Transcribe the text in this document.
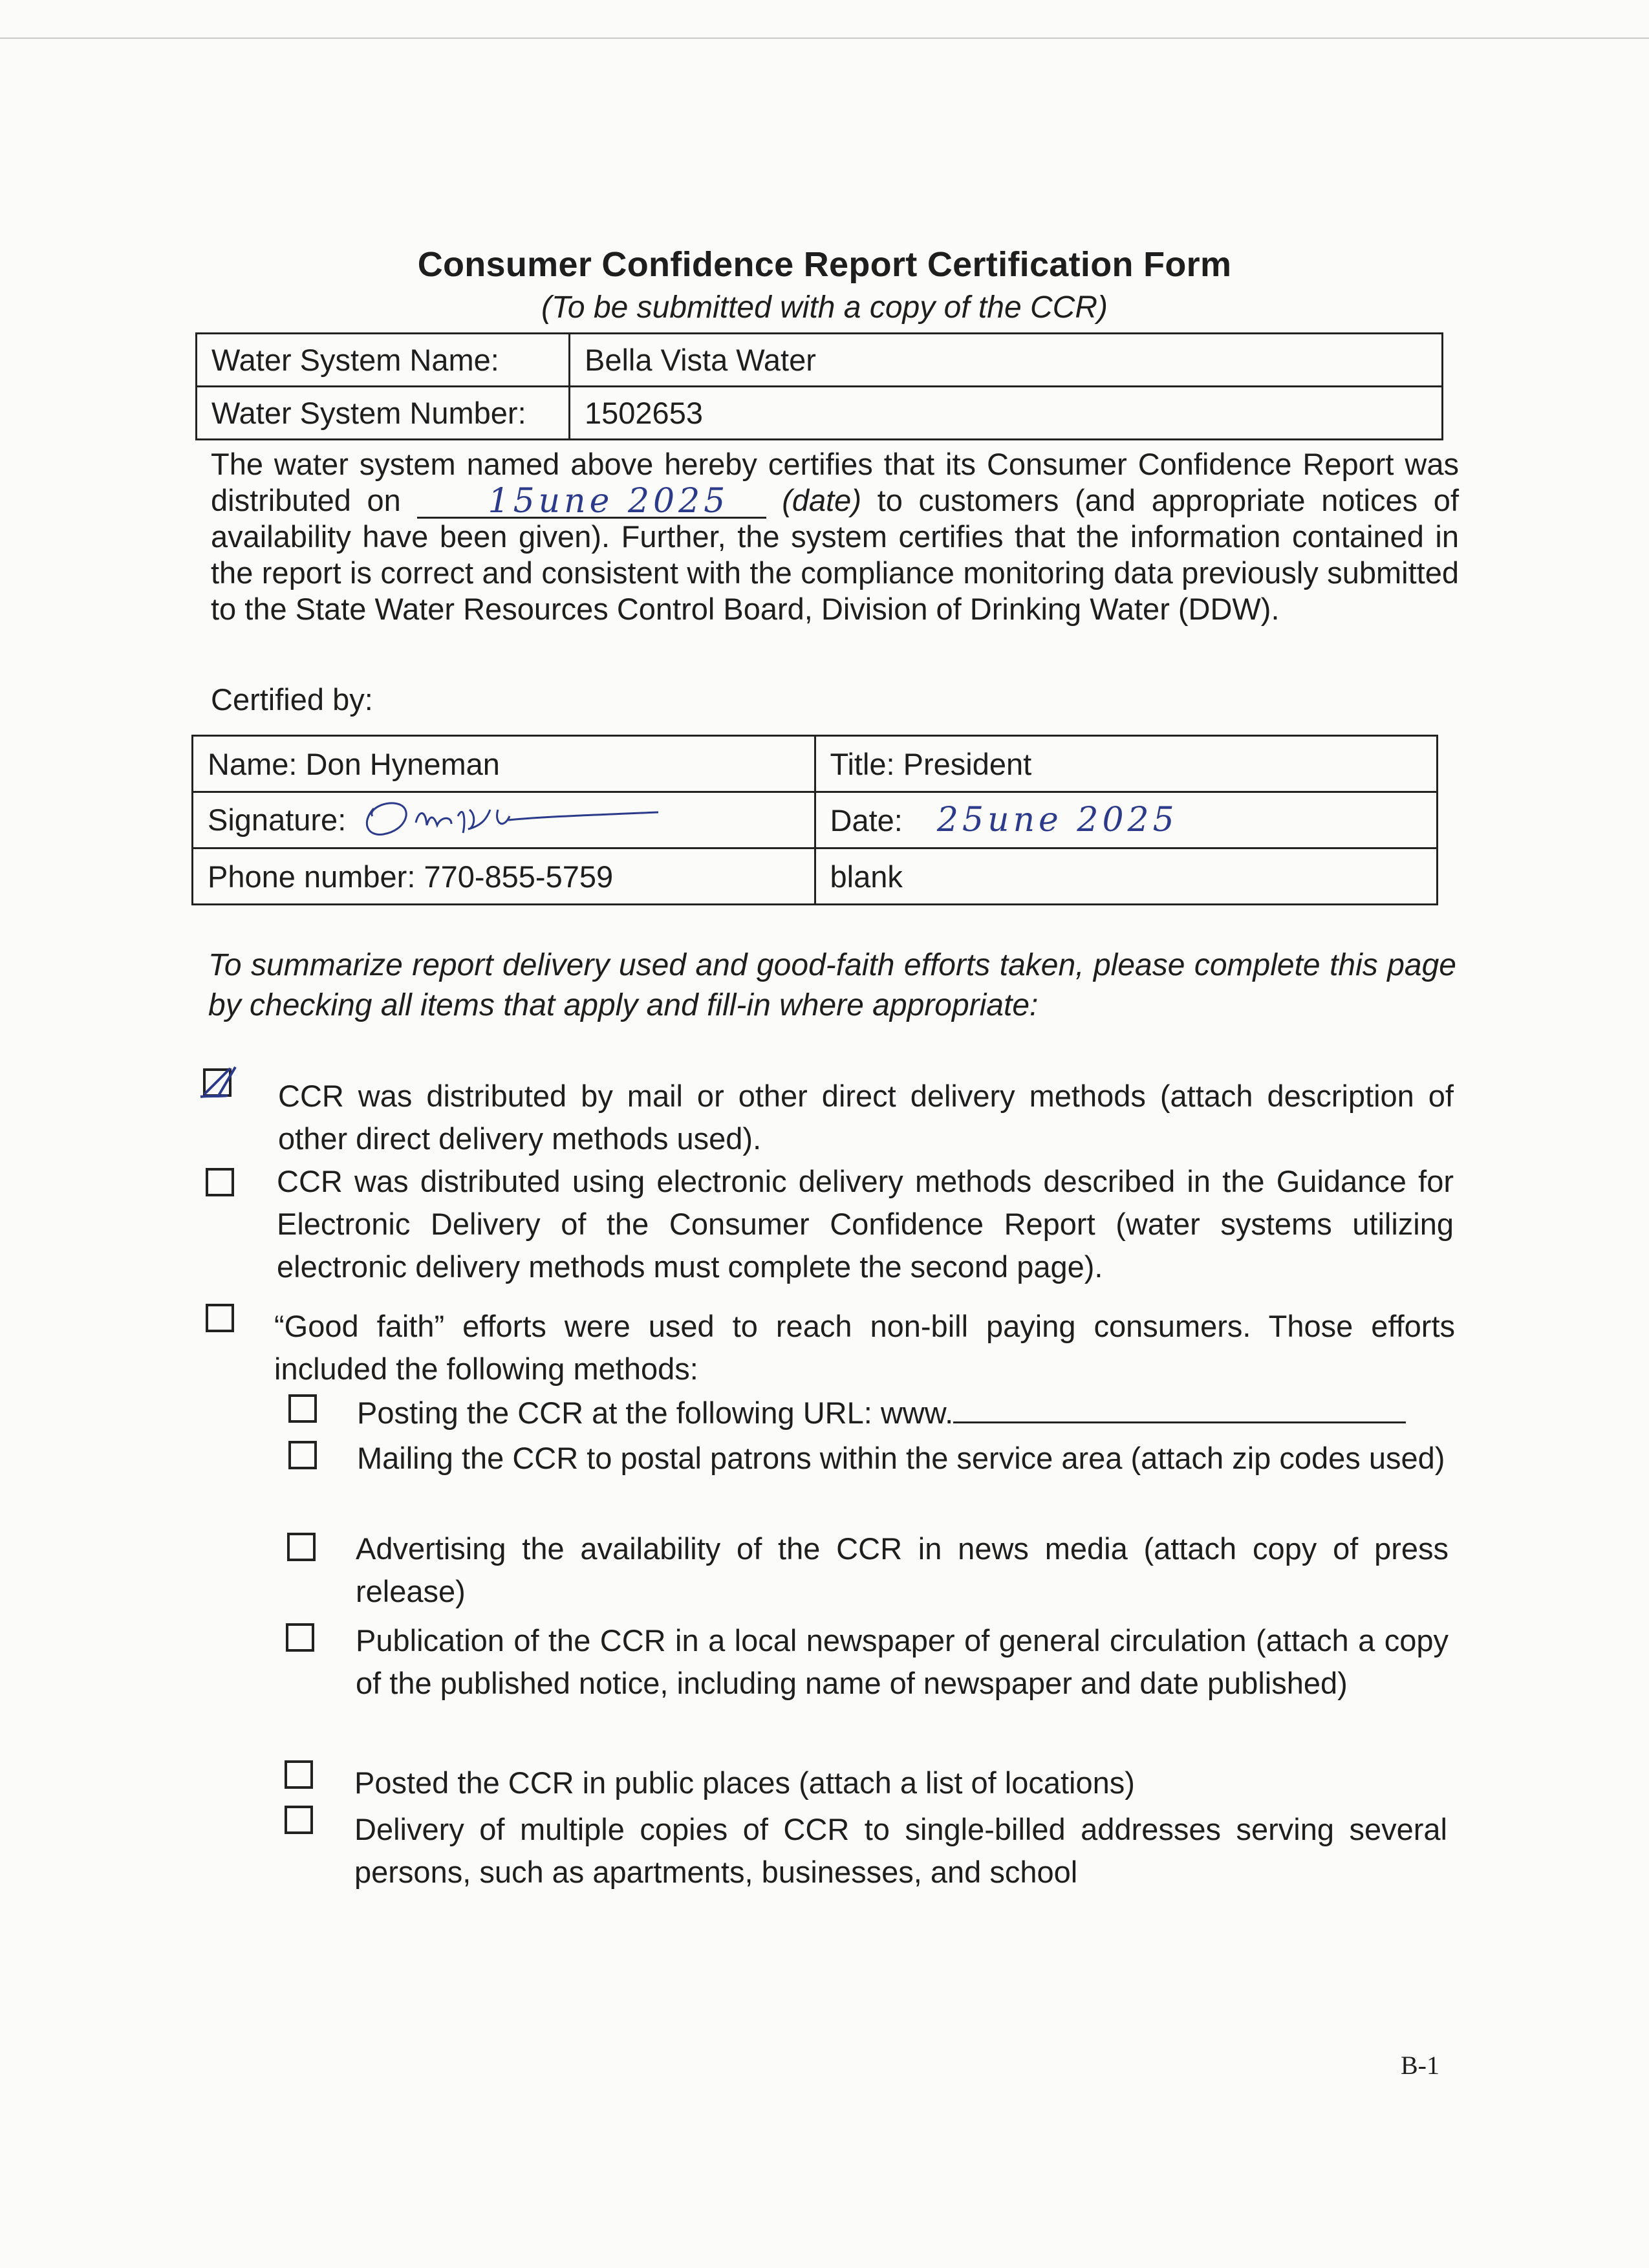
Consumer Confidence Report Certification Form
(To be submitted with a copy of the CCR)
Water System Name:	Bella Vista Water
Water System Number:	1502653
The water system named above hereby certifies that its Consumer Confidence Report was distributed on	15une 2025 (date) to customers (and appropriate notices of availability have been given). Further, the system certifies that the information contained in the report is correct and consistent with the compliance monitoring data previously submitted to the State Water Resources Control Board, Division of Drinking Water (DDW).
Certified by:
Name: Don Hyneman	Title: President
Signature:	Date: 25une 2025
Phone number: 770-855-5759	blank
To summarize report delivery used and good-faith efforts taken, please complete this page by checking all items that apply and fill-in where appropriate:
CCR was distributed by mail or other direct delivery methods (attach description of other direct delivery methods used).
CCR was distributed using electronic delivery methods described in the Guidance for Electronic Delivery of the Consumer Confidence Report (water systems utilizing electronic delivery methods must complete the second page).
“Good faith” efforts were used to reach non-bill paying consumers. Those efforts included the following methods:
Posting the CCR at the following URL: www.
Mailing the CCR to postal patrons within the service area (attach zip codes used)
Advertising the availability of the CCR in news media (attach copy of press release)
Publication of the CCR in a local newspaper of general circulation (attach a copy of the published notice, including name of newspaper and date published)
Posted the CCR in public places (attach a list of locations)
Delivery of multiple copies of CCR to single-billed addresses serving several persons, such as apartments, businesses, and school
B-1
